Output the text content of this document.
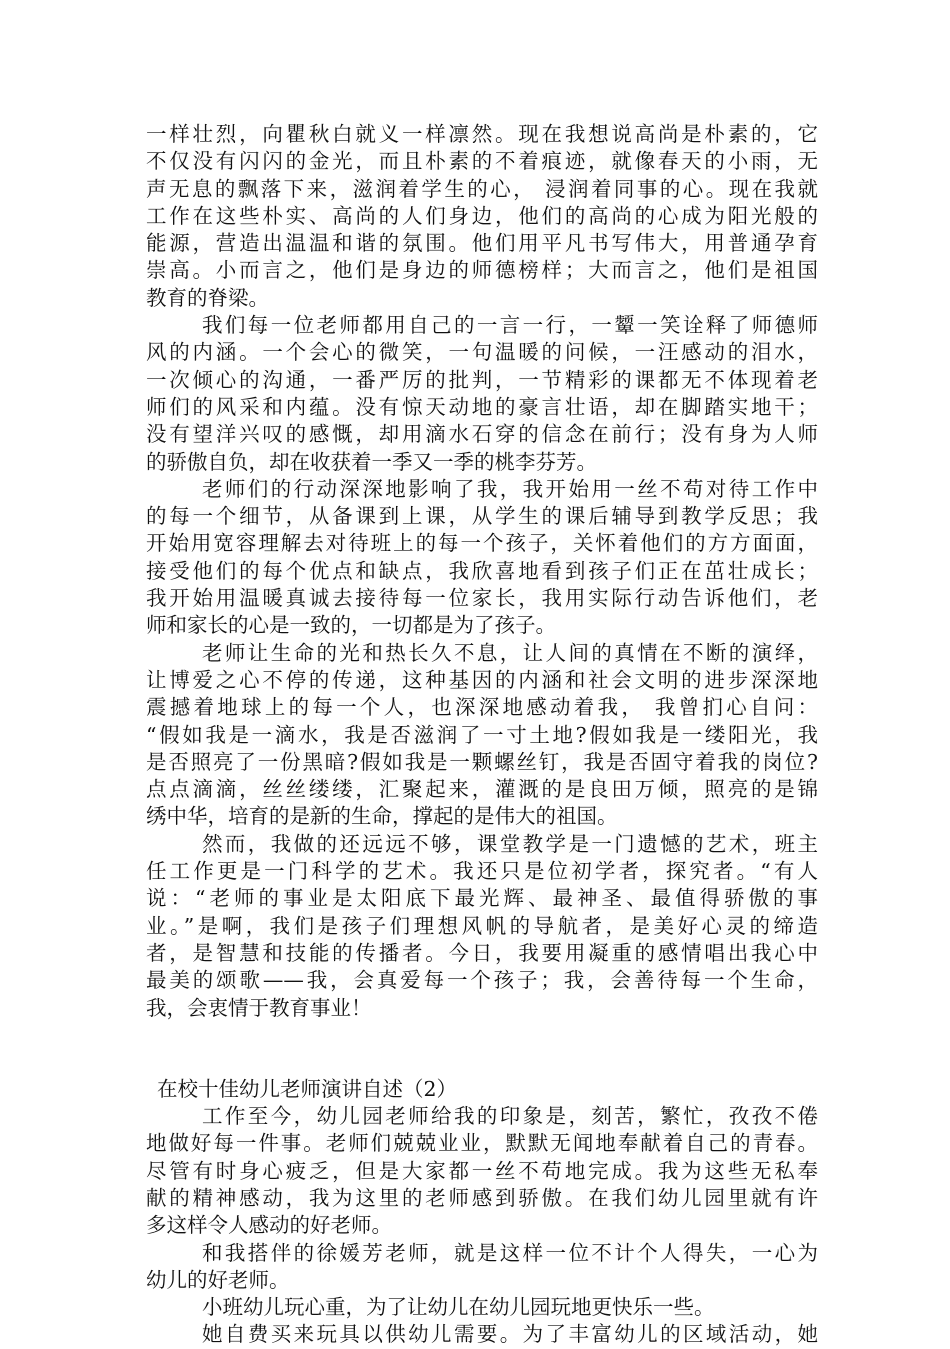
一样壮烈，向瞿秋白就义一样凛然。现在我想说高尚是朴素的，它
不仅没有闪闪的金光，而且朴素的不着痕迹，就像春天的小雨，无
声无息的飘落下来，滋润着学生的心， 浸润着同事的心。现在我就
工作在这些朴实、高尚的人们身边，他们的高尚的心成为阳光般的
能源，营造出温温和谐的氛围。他们用平凡书写伟大，用普通孕育
崇高。小而言之，他们是身边的师德榜样；大而言之，他们是祖国
教育的脊梁。
我们每一位老师都用自己的一言一行，一颦一笑诠释了师德师
风的内涵。一个会心的微笑，一句温暖的问候，一汪感动的泪水，
一次倾心的沟通，一番严厉的批判，一节精彩的课都无不体现着老
师们的风采和内蕴。没有惊天动地的豪言壮语，却在脚踏实地干；
没有望洋兴叹的感慨，却用滴水石穿的信念在前行；没有身为人师
的骄傲自负，却在收获着一季又一季的桃李芬芳。
老师们的行动深深地影响了我，我开始用一丝不苟对待工作中
的每一个细节，从备课到上课，从学生的课后辅导到教学反思；我
开始用宽容理解去对待班上的每一个孩子，关怀着他们的方方面面，
接受他们的每个优点和缺点，我欣喜地看到孩子们正在茁壮成长；
我开始用温暖真诚去接待每一位家长，我用实际行动告诉他们，老
师和家长的心是一致的，一切都是为了孩子。
老师让生命的光和热长久不息，让人间的真情在不断的演绎，
让博爱之心不停的传递，这种基因的内涵和社会文明的进步深深地
震撼着地球上的每一个人，也深深地感动着我， 我曾扪心自问：
“假如我是一滴水，我是否滋润了一寸土地?假如我是一缕阳光，我
是否照亮了一份黑暗?假如我是一颗螺丝钉，我是否固守着我的岗位?
点点滴滴，丝丝缕缕，汇聚起来，灌溉的是良田万倾，照亮的是锦
绣中华，培育的是新的生命，撑起的是伟大的祖国。
然而，我做的还远远不够，课堂教学是一门遗憾的艺术，班主
任工作更是一门科学的艺术。我还只是位初学者，探究者。“有人
说：“老师的事业是太阳底下最光辉、最神圣、最值得骄傲的事
业。”是啊，我们是孩子们理想风帆的导航者，是美好心灵的缔造
者，是智慧和技能的传播者。今日，我要用凝重的感情唱出我心中
最美的颂歌——我，会真爱每一个孩子；我，会善待每一个生命，
我，会衷情于教育事业！
在校十佳幼儿老师演讲自述（2）
工作至今，幼儿园老师给我的印象是，刻苦，繁忙，孜孜不倦
地做好每一件事。老师们兢兢业业，默默无闻地奉献着自己的青春。
尽管有时身心疲乏，但是大家都一丝不苟地完成。我为这些无私奉
献的精神感动，我为这里的老师感到骄傲。在我们幼儿园里就有许
多这样令人感动的好老师。
和我搭伴的徐媛芳老师，就是这样一位不计个人得失，一心为
幼儿的好老师。
小班幼儿玩心重，为了让幼儿在幼儿园玩地更快乐一些。
她自费买来玩具以供幼儿需要。为了丰富幼儿的区域活动，她
